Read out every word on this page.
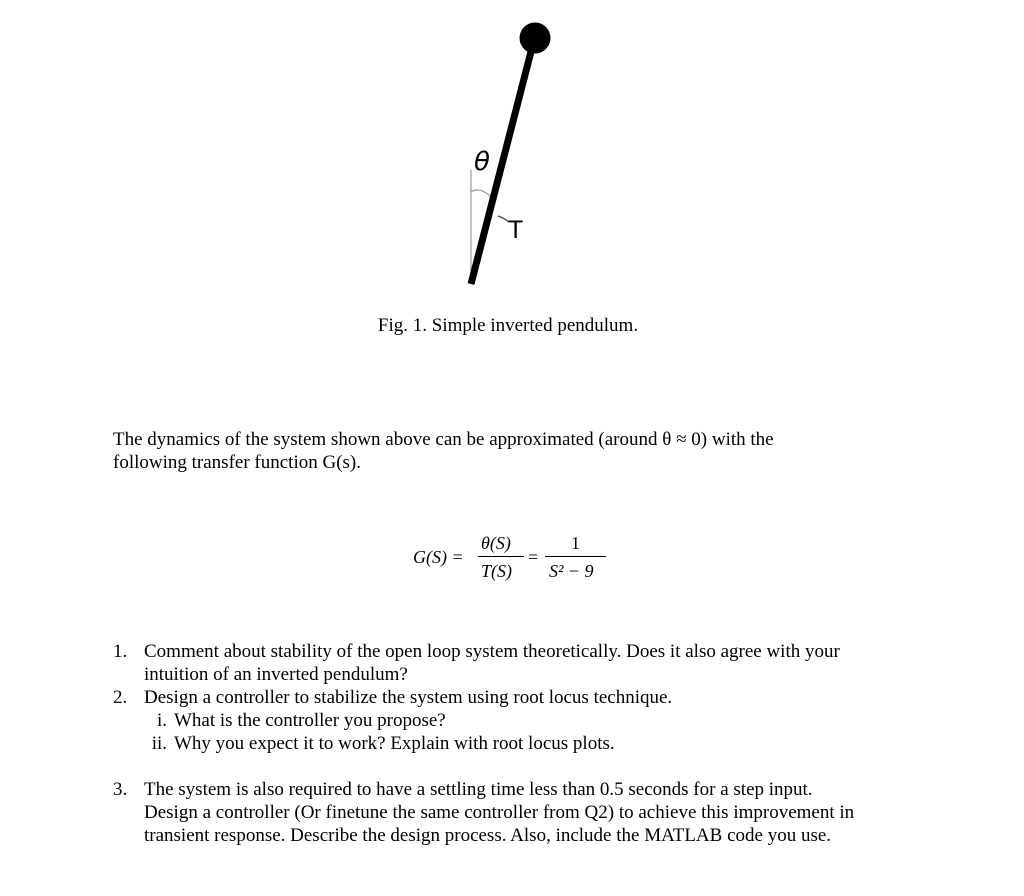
θ
T
Fig. 1. Simple inverted pendulum.
The dynamics of the system shown above can be approximated (around θ ≈ 0) with the
following transfer function G(s).
G(S) =
θ(S)
T(S)
=
1
S² − 9
1. Comment about stability of the open loop system theoretically. Does it also agree with your
intuition of an inverted pendulum?
2. Design a controller to stabilize the system using root locus technique.
i. What is the controller you propose?
ii. Why you expect it to work? Explain with root locus plots.
3. The system is also required to have a settling time less than 0.5 seconds for a step input.
Design a controller (Or finetune the same controller from Q2) to achieve this improvement in
transient response. Describe the design process. Also, include the MATLAB code you use.
